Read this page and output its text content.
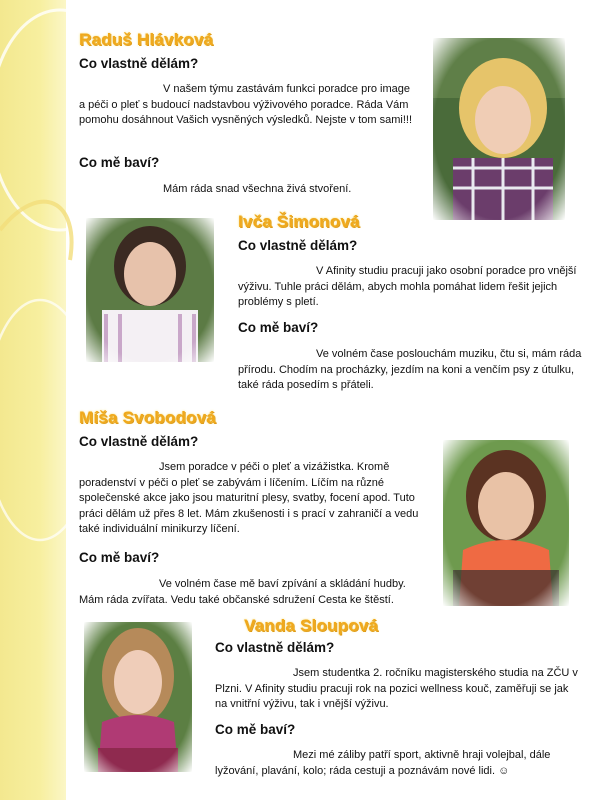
Raduš Hlávková
Co vlastně dělám?

V našem týmu zastávám funkci poradce pro image a péči o pleť s budoucí nadstavbou výživového poradce. Ráda Vám pomohu dosáhnout Vašich vysněných výsledků. Nejste v tom sami!!!

Co mě baví?

Mám ráda snad všechna živá stvoření.

Ivča Šimonová
Co vlastně dělám?

V Afinity studiu pracuji jako osobní poradce pro vnější výživu. Tuhle práci dělám, abych mohla pomáhat lidem řešit jejich problémy s pletí.

Co mě baví?

Ve volném čase poslouchám muziku, čtu si, mám ráda přírodu. Chodím na procházky, jezdím na koni a venčím psy z útulku, také ráda posedím s přáteli.

Míša Svobodová
Co vlastně dělám?

Jsem poradce v péči o pleť a vizážistka. Kromě poradenství v péči o pleť se zabývám i líčením. Líčím na různé společenské akce jako jsou maturitní plesy, svatby, focení apod. Tuto práci dělám už přes 8 let. Mám zkušenosti i s prací v zahraničí a vedu také individuální minikurzy líčení.

Co mě baví?

Ve volném čase mě baví zpívání a skládání hudby. Mám ráda zvířata. Vedu také občanské sdružení Cesta ke štěstí.

Vanda Sloupová
Co vlastně dělám?

Jsem studentka 2. ročníku magisterského studia na ZČU v Plzni. V Afinity studiu pracuji rok na pozici wellness kouč, zaměřuji se jak na vnitřní výživu, tak i vnější výživu.

Co mě baví?

Mezi mé záliby patří sport, aktivně hraji volejbal, dále lyžování, plavání, kolo; ráda cestuji a poznávám nové lidi. ☺
